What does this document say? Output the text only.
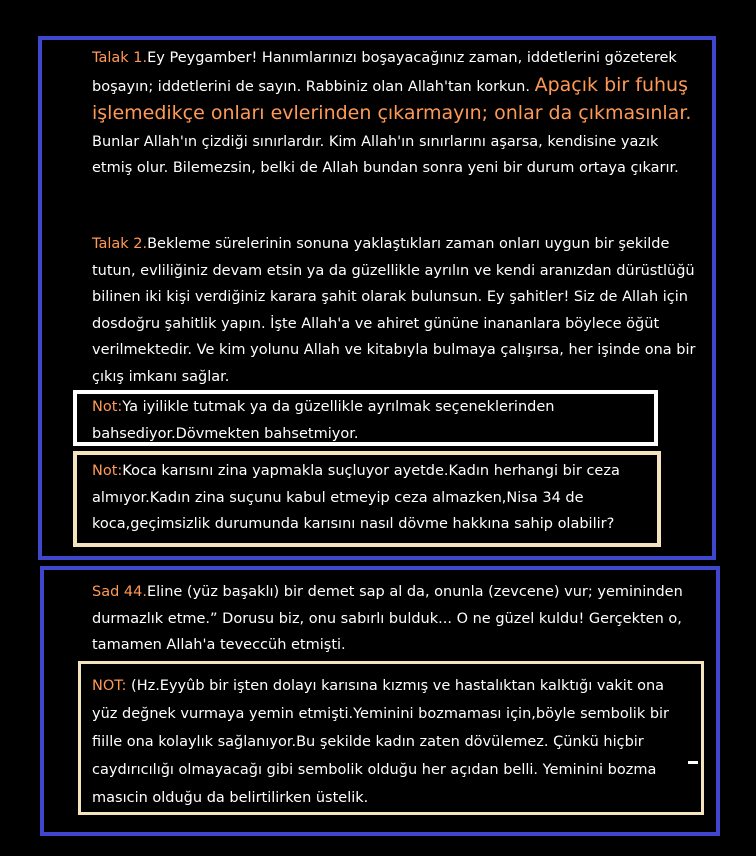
Talak 1.Ey Peygamber! Hanımlarınızı boşayacağınız zaman, iddetlerini gözeterek boşayın; iddetlerini de sayın. Rabbiniz olan Allah'tan korkun. Apaçık bir fuhuş işlemedikçe onları evlerinden çıkarmayın; onlar da çıkmasınlar. Bunlar Allah'ın çizdiği sınırlardır. Kim Allah'ın sınırlarını aşarsa, kendisine yazık etmiş olur. Bilemezsin, belki de Allah bundan sonra yeni bir durum ortaya çıkarır.
Talak 2.Bekleme sürelerinin sonuna yaklaştıkları zaman onları uygun bir şekilde tutun, evliliğiniz devam etsin ya da güzellikle ayrılın ve kendi aranızdan dürüstlüğü bilinen iki kişi verdiğiniz karara şahit olarak bulunsun. Ey şahitler! Siz de Allah için dosdoğru şahitlik yapın. İşte Allah'a ve ahiret gününe inananlara böylece öğüt verilmektedir. Ve kim yolunu Allah ve kitabıyla bulmaya çalışırsa, her işinde ona bir çıkış imkanı sağlar.
Not:Ya iyilikle tutmak ya da güzellikle ayrılmak seçeneklerinden bahsediyor.Dövmekten bahsetmiyor.
Not:Koca karısını zina yapmakla suçluyor ayetde.Kadın herhangi bir ceza almıyor.Kadın zina suçunu kabul etmeyip ceza almazken,Nisa 34 de koca,geçimsizlik durumunda karısını nasıl dövme hakkına sahip olabilir?
Sad 44.Eline (yüz başaklı) bir demet sap al da, onunla (zevcene) vur; yemininden durmazlık etme.” Dorusu biz, onu sabırlı bulduk... O ne güzel kuldu! Gerçekten o, tamamen Allah'a teveccüh etmişti.
NOT: (Hz.Eyyûb bir işten dolayı karısına kızmış ve hastalıktan kalktığı vakit ona yüz değnek vurmaya yemin etmişti.Yeminini bozmaması için,böyle sembolik bir fiille ona kolaylık sağlanıyor.Bu şekilde kadın zaten dövülemez. Çünkü hiçbir caydırıcılığı olmayacağı gibi sembolik olduğu her açıdan belli. Yeminini bozma masıcin olduğu da belirtilirken üstelik.
